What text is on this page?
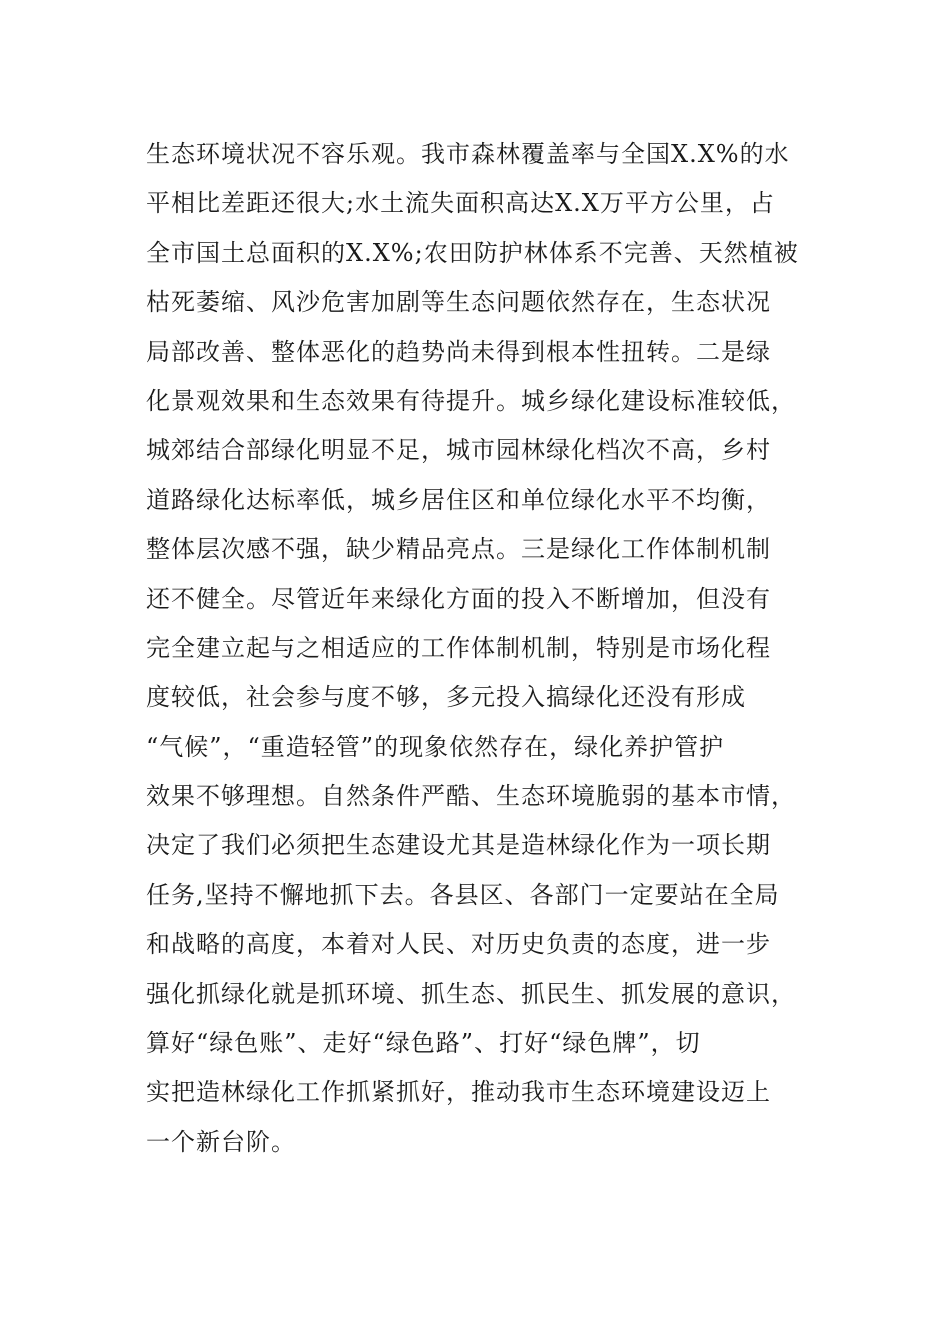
生态环境状况不容乐观。我市森林覆盖率与全国X.X%的水
平相比差距还很大;水土流失面积高达X.X万平方公里，占
全市国土总面积的X.X%;农田防护林体系不完善、天然植被
枯死萎缩、风沙危害加剧等生态问题依然存在，生态状况
局部改善、整体恶化的趋势尚未得到根本性扭转。二是绿
化景观效果和生态效果有待提升。城乡绿化建设标准较低，
城郊结合部绿化明显不足，城市园林绿化档次不高，乡村
道路绿化达标率低，城乡居住区和单位绿化水平不均衡，
整体层次感不强，缺少精品亮点。三是绿化工作体制机制
还不健全。尽管近年来绿化方面的投入不断增加，但没有
完全建立起与之相适应的工作体制机制，特别是市场化程
度较低，社会参与度不够，多元投入搞绿化还没有形成
“气候”，“重造轻管”的现象依然存在，绿化养护管护
效果不够理想。自然条件严酷、生态环境脆弱的基本市情，
决定了我们必须把生态建设尤其是造林绿化作为一项长期
任务,坚持不懈地抓下去。各县区、各部门一定要站在全局
和战略的高度，本着对人民、对历史负责的态度，进一步
强化抓绿化就是抓环境、抓生态、抓民生、抓发展的意识，
算好“绿色账”、走好“绿色路”、打好“绿色牌”，切
实把造林绿化工作抓紧抓好，推动我市生态环境建设迈上
一个新台阶。
